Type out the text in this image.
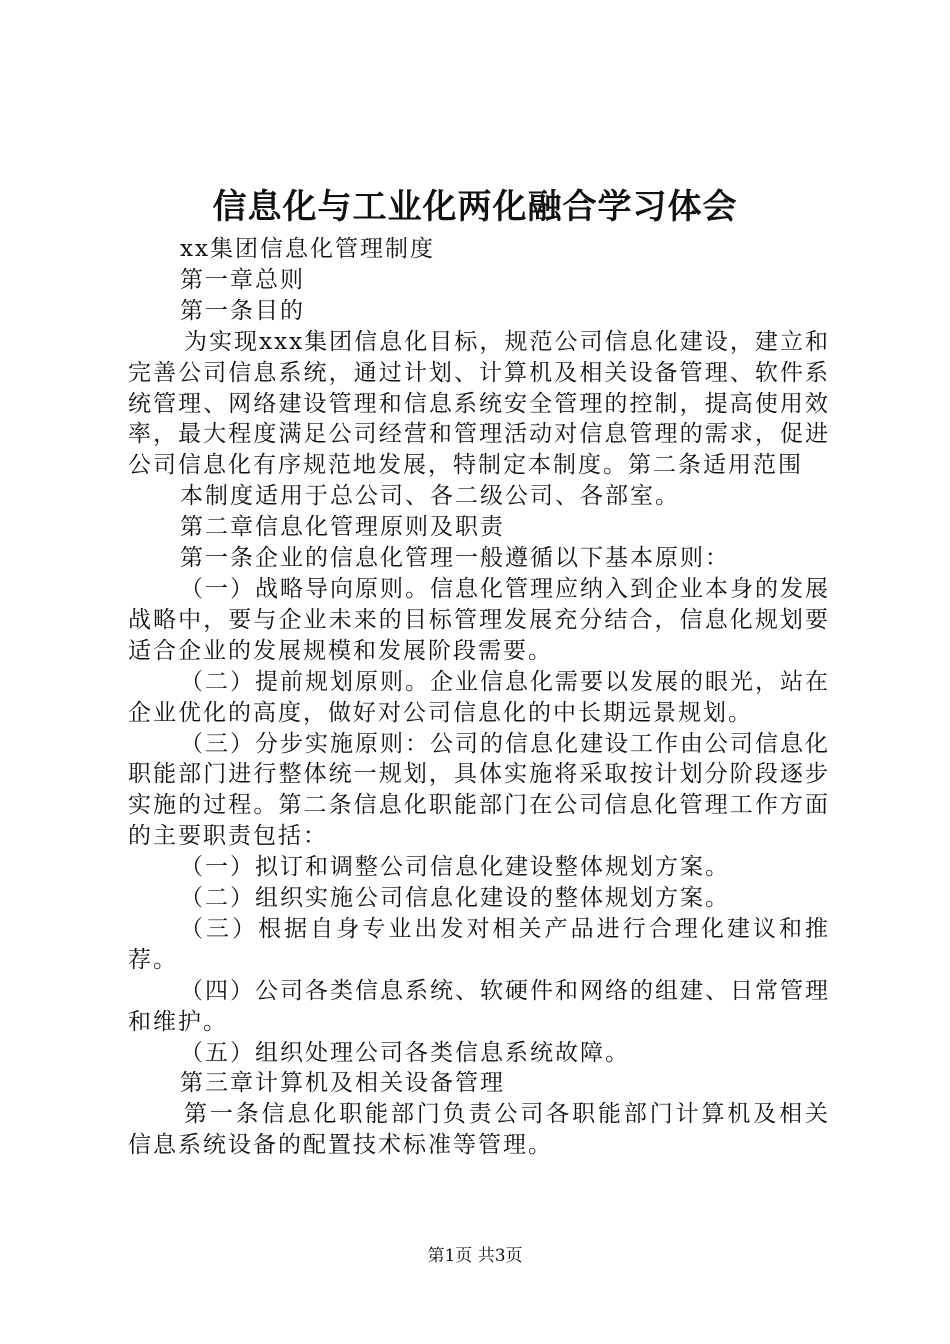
信息化与工业化两化融合学习体会

xx集团信息化管理制度

第一章总则

第一条目的

为实现xxx集团信息化目标，规范公司信息化建设，建立和完善公司信息系统，通过计划、计算机及相关设备管理、软件系统管理、网络建设管理和信息系统安全管理的控制，提高使用效率，最大程度满足公司经营和管理活动对信息管理的需求，促进公司信息化有序规范地发展，特制定本制度。第二条适用范围

本制度适用于总公司、各二级公司、各部室。

第二章信息化管理原则及职责

第一条企业的信息化管理一般遵循以下基本原则：

（一）战略导向原则。信息化管理应纳入到企业本身的发展战略中，要与企业未来的目标管理发展充分结合，信息化规划要适合企业的发展规模和发展阶段需要。

（二）提前规划原则。企业信息化需要以发展的眼光，站在企业优化的高度，做好对公司信息化的中长期远景规划。

（三）分步实施原则：公司的信息化建设工作由公司信息化职能部门进行整体统一规划，具体实施将采取按计划分阶段逐步实施的过程。第二条信息化职能部门在公司信息化管理工作方面的主要职责包括：

（一）拟订和调整公司信息化建设整体规划方案。

（二）组织实施公司信息化建设的整体规划方案。

（三）根据自身专业出发对相关产品进行合理化建议和推荐。

（四）公司各类信息系统、软硬件和网络的组建、日常管理和维护。

（五）组织处理公司各类信息系统故障。

第三章计算机及相关设备管理

第一条信息化职能部门负责公司各职能部门计算机及相关信息系统设备的配置技术标准等管理。

第1页 共3页
